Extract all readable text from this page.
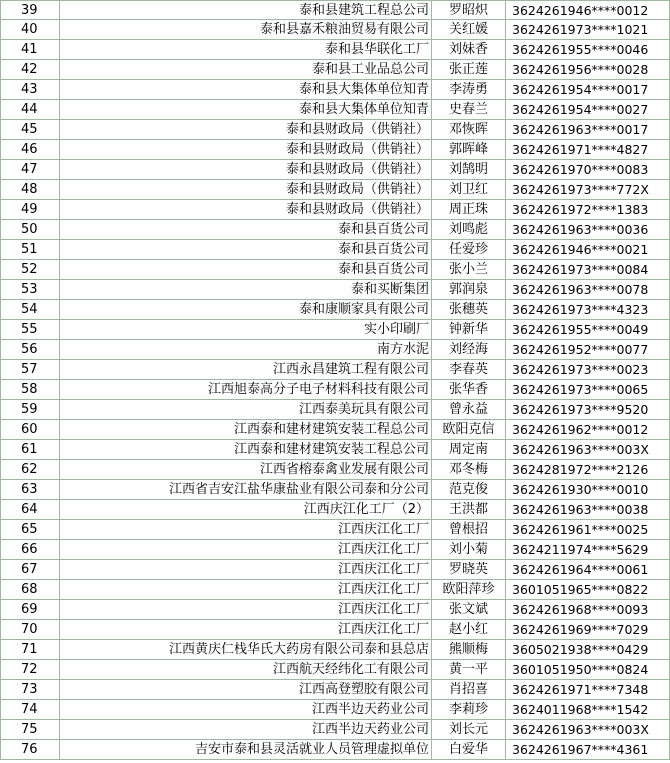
39	泰和县建筑工程总公司	罗昭炽	3624261946****0012
40	泰和县嘉禾粮油贸易有限公司	关红媛	3624261973****1021
41	泰和县华联化工厂	刘妹香	3624261955****0046
42	泰和县工业品总公司	张正莲	3624261956****0028
43	泰和县大集体单位知青	李涛勇	3624261954****0017
44	泰和县大集体单位知青	史春兰	3624261954****0027
45	泰和县财政局（供销社）	邓恢晖	3624261963****0017
46	泰和县财政局（供销社）	郭晖峰	3624261971****4827
47	泰和县财政局（供销社）	刘鹄明	3624261970****0083
48	泰和县财政局（供销社）	刘卫红	3624261973****772X
49	泰和县财政局（供销社）	周正珠	3624261972****1383
50	泰和县百货公司	刘鸣彪	3624261963****0036
51	泰和县百货公司	任爱珍	3624261946****0021
52	泰和县百货公司	张小兰	3624261973****0084
53	泰和买断集团	郭润泉	3624261963****0078
54	泰和康顺家具有限公司	张穗英	3624261973****4323
55	实小印刷厂	钟新华	3624261955****0049
56	南方水泥	刘经海	3624261952****0077
57	江西永昌建筑工程有限公司	李春英	3624261973****0023
58	江西旭泰高分子电子材料科技有限公司	张华香	3624261973****0065
59	江西泰美玩具有限公司	曾永益	3624261973****9520
60	江西泰和建材建筑安装工程总公司	欧阳克信	3624261962****0012
61	江西泰和建材建筑安装工程总公司	周定南	3624261963****003X
62	江西省榕泰禽业发展有限公司	邓冬梅	3624281972****2126
63	江西省吉安江盐华康盐业有限公司泰和分公司	范克俊	3624261930****0010
64	江西庆江化工厂（2）	王洪都	3624261963****0038
65	江西庆江化工厂	曾根招	3624261961****0025
66	江西庆江化工厂	刘小菊	3624211974****5629
67	江西庆江化工厂	罗晓英	3624261964****0061
68	江西庆江化工厂	欧阳萍珍	3601051965****0822
69	江西庆江化工厂	张文斌	3624261968****0093
70	江西庆江化工厂	赵小红	3624261969****7029
71	江西黄庆仁栈华氏大药房有限公司泰和县总店	熊顺梅	3605021938****0429
72	江西航天经纬化工有限公司	黄一平	3601051950****0824
73	江西高登塑胶有限公司	肖招喜	3624261971****7348
74	江西半边天药业公司	李莉珍	3624011968****1542
75	江西半边天药业公司	刘长元	3624261963****003X
76	吉安市泰和县灵活就业人员管理虚拟单位	白爱华	3624261967****4361
